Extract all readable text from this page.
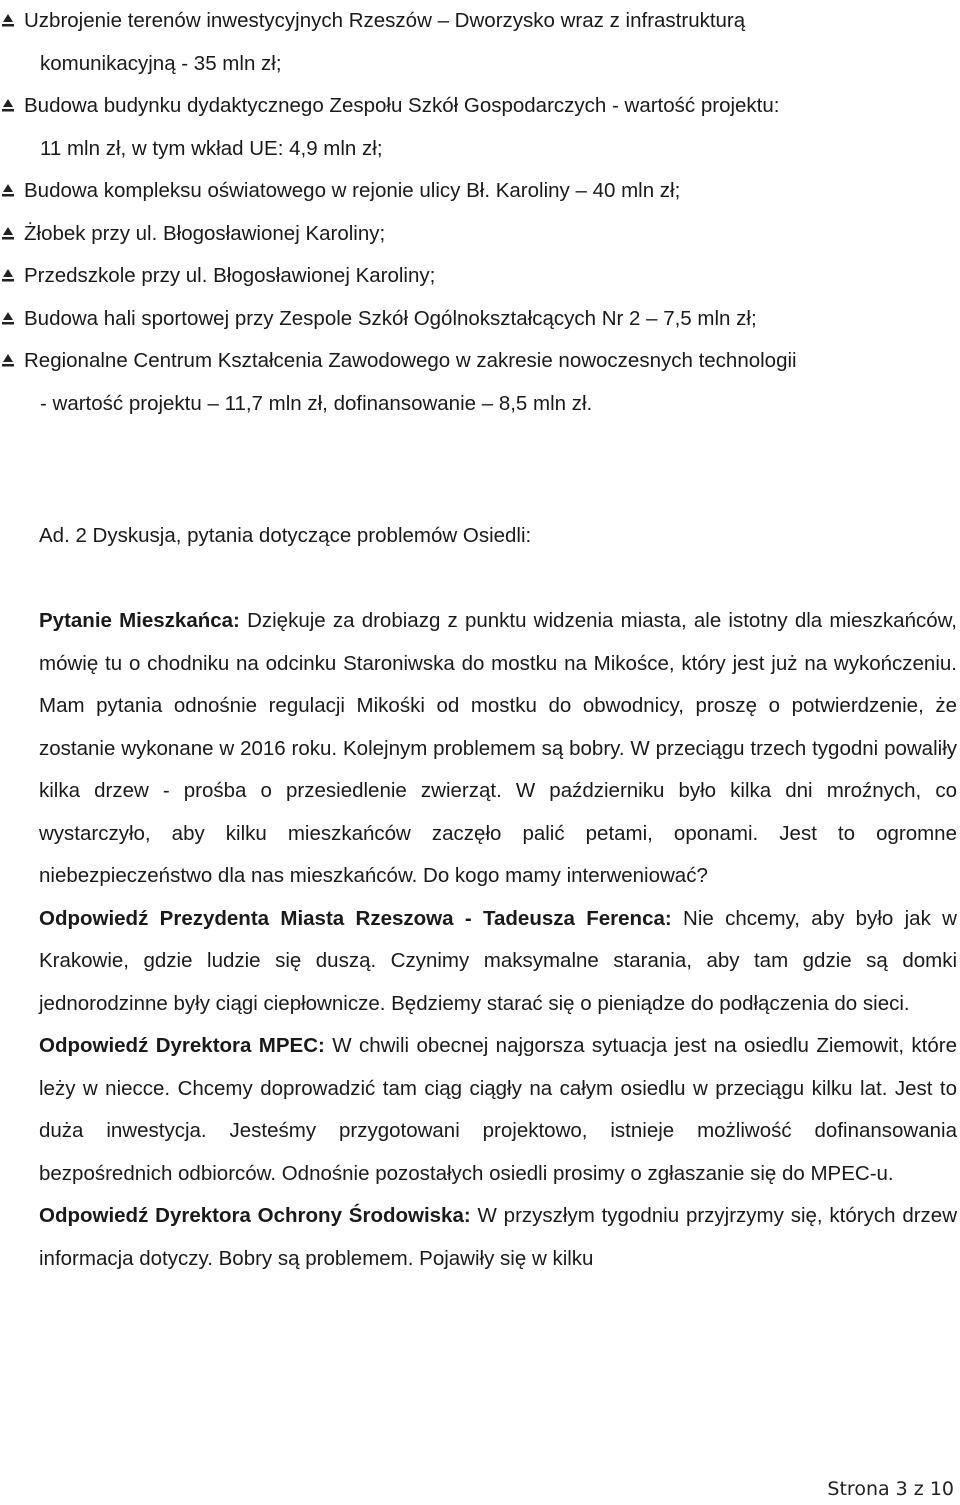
Uzbrojenie terenów inwestycyjnych Rzeszów – Dworzysko wraz z infrastrukturą
komunikacyjną - 35 mln zł;
Budowa budynku dydaktycznego Zespołu Szkół Gospodarczych - wartość projektu:
11 mln zł, w tym wkład UE: 4,9 mln zł;
Budowa kompleksu oświatowego w rejonie ulicy Bł. Karoliny – 40 mln zł;
Żłobek przy ul. Błogosławionej Karoliny;
Przedszkole przy ul. Błogosławionej Karoliny;
Budowa hali sportowej przy Zespole Szkół Ogólnokształcących Nr 2 – 7,5 mln zł;
Regionalne Centrum Kształcenia Zawodowego w zakresie nowoczesnych technologii
- wartość projektu – 11,7 mln zł, dofinansowanie – 8,5 mln zł.
Ad. 2 Dyskusja, pytania dotyczące problemów Osiedli:

Pytanie Mieszkańca: Dziękuje za drobiazg z punktu widzenia miasta, ale istotny dla mieszkańców, mówię tu o chodniku na odcinku Staroniwska do mostku na Mikośce, który jest już na wykończeniu. Mam pytania odnośnie regulacji Mikośki od mostku do obwodnicy, proszę o potwierdzenie, że zostanie wykonane w 2016 roku. Kolejnym problemem są bobry. W przeciągu trzech tygodni powaliły kilka drzew - prośba o przesiedlenie zwierząt. W październiku było kilka dni mroźnych, co wystarczyło, aby kilku mieszkańców zaczęło palić petami, oponami. Jest to ogromne niebezpieczeństwo dla nas mieszkańców. Do kogo mamy interweniować?

Odpowiedź Prezydenta Miasta Rzeszowa - Tadeusza Ferenca: Nie chcemy, aby było jak w Krakowie, gdzie ludzie się duszą. Czynimy maksymalne starania, aby tam gdzie są domki jednorodzinne były ciągi ciepłownicze. Będziemy starać się o pieniądze do podłączenia do sieci.

Odpowiedź Dyrektora MPEC: W chwili obecnej najgorsza sytuacja jest na osiedlu Ziemowit, które leży w niecce. Chcemy doprowadzić tam ciąg ciągły na całym osiedlu w przeciągu kilku lat. Jest to duża inwestycja. Jesteśmy przygotowani projektowo, istnieje możliwość dofinansowania bezpośrednich odbiorców. Odnośnie pozostałych osiedli prosimy o zgłaszanie się do MPEC-u.

Odpowiedź Dyrektora Ochrony Środowiska: W przyszłym tygodniu przyjrzymy się, których drzew informacja dotyczy. Bobry są problemem. Pojawiły się w kilku

Strona 3 z 10
